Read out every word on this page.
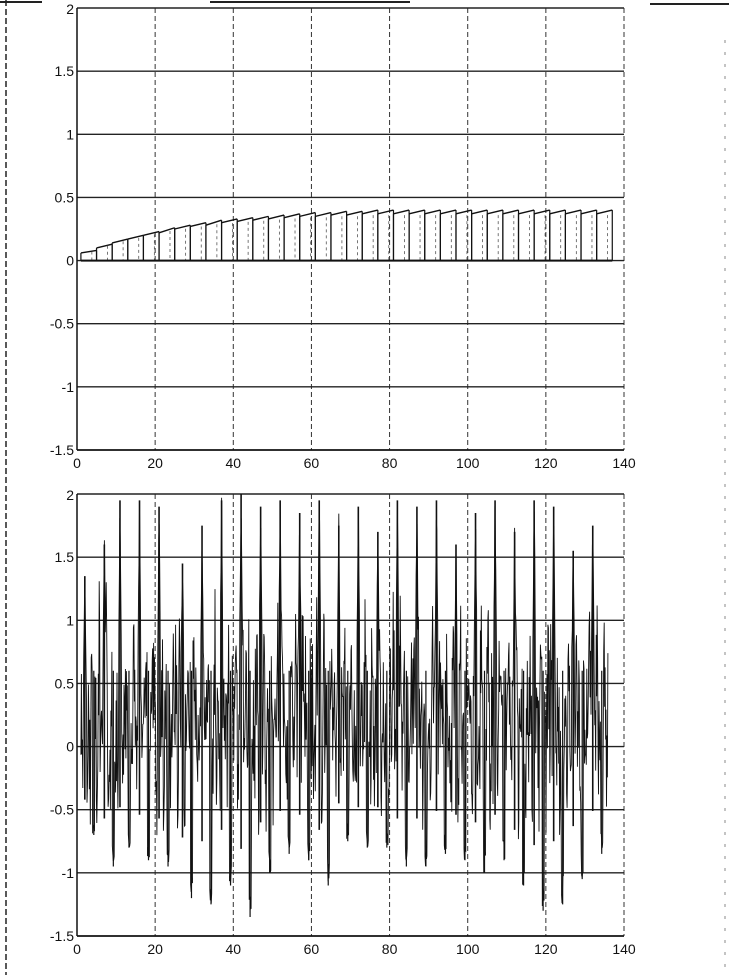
0	20	40	60	80	100	120	140
-1.5
-1
-0.5
0
0.5
1
1.5
2
0	20	40	60	80	100	120	140
-1.5
-1
-0.5
0
0.5
1
1.5
2
